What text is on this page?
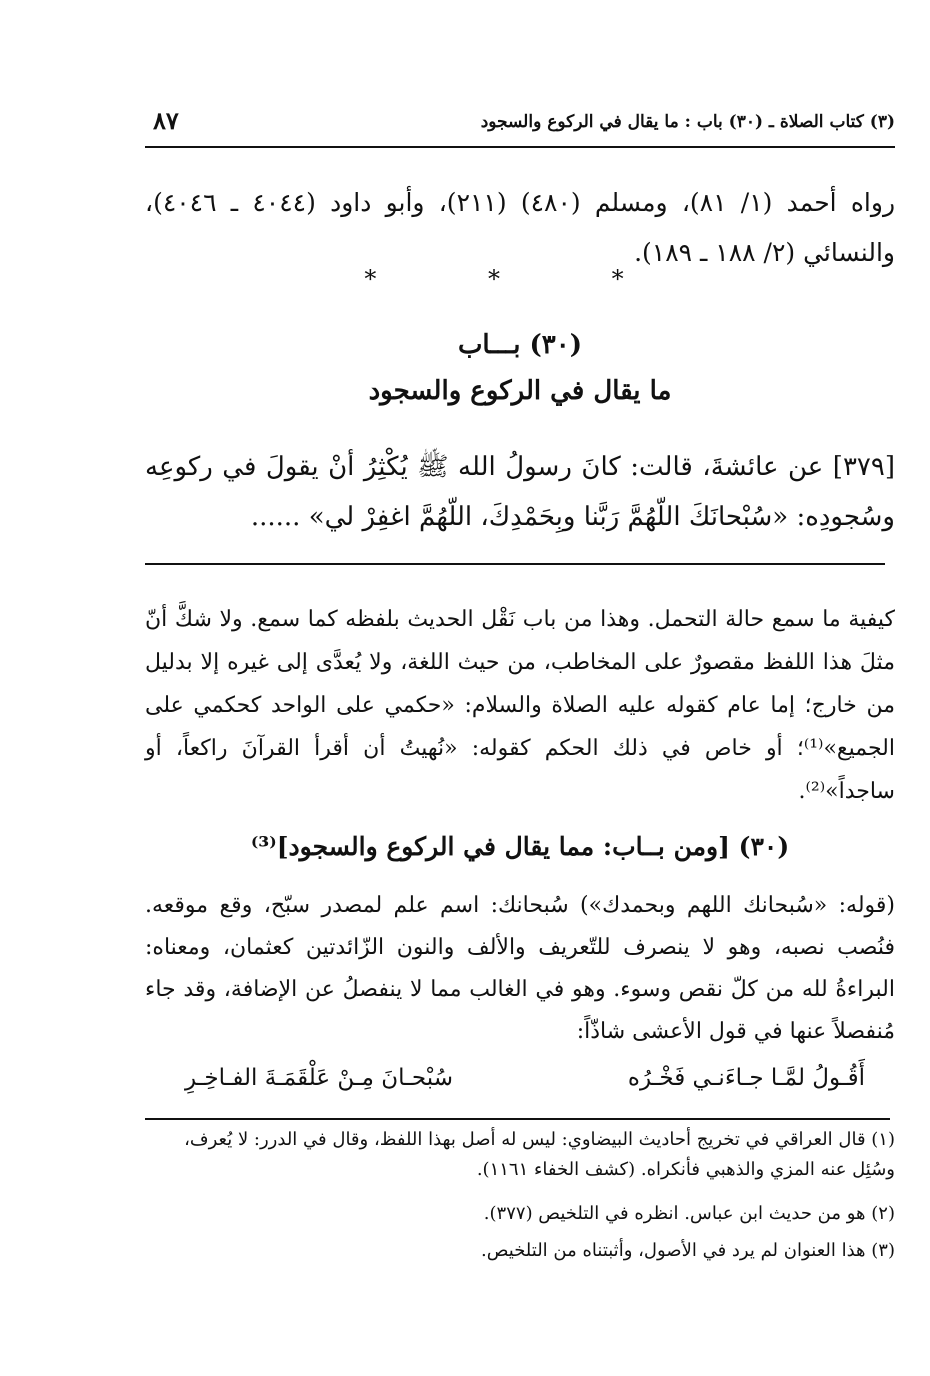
(٣) كتاب الصلاة ـ (٣٠) باب : ما يقال في الركوع والسجود
٨٧
رواه أحمد (١/ ٨١)، ومسلم (٤٨٠) (٢١١)، وأبو داود (٤٠٤٤ ـ ٤٠٤٦)، والنسائي (٢/ ١٨٨ ـ ١٨٩).
* * *
(٣٠) بـــاب
ما يقال في الركوع والسجود
[٣٧٩] عن عائشةَ، قالت: كانَ رسولُ الله ﷺ يُكْثِرُ أنْ يقولَ في ركوعِه وسُجودِه: «سُبْحانَكَ اللّهُمَّ رَبَّنا وبِحَمْدِكَ، اللّهُمَّ اغفِرْ لي» ......
كيفية ما سمع حالة التحمل. وهذا من باب نَقْل الحديث بلفظه كما سمع. ولا شكَّ أنّ مثلَ هذا اللفظ مقصورٌ على المخاطب، من حيث اللغة، ولا يُعدَّى إلى غيره إلا بدليل من خارج؛ إما عام كقوله عليه الصلاة والسلام: «حكمي على الواحد كحكمي على الجميع»⁽¹⁾؛ أو خاص في ذلك الحكم كقوله: «نُهيتُ أن أقرأ القرآنَ راكعاً، أو ساجداً»⁽²⁾.
(٣٠) [ومن بــاب: مما يقال في الركوع والسجود]⁽³⁾
(قوله: «سُبحانك اللهم وبحمدك») سُبحانك: اسم علم لمصدر سبّح، وقع موقعه. فنُصب نصبه، وهو لا ينصرف للتّعريف والألف والنون الزّائدتين كعثمان، ومعناه: البراءةُ لله من كلّ نقص وسوء. وهو في الغالب مما لا ينفصلُ عن الإضافة، وقد جاء مُنفصلاً عنها في قول الأعشى شاذّاً:
أَقُـولُ لمَّـا جـاءَنـي فَخْـرُه
سُبْحـانَ مِـنْ عَلْقَمَـةَ الفـاخِـرِ
(١) قال العراقي في تخريج أحاديث البيضاوي: ليس له أصل بهذا اللفظ، وقال في الدرر: لا يُعرف، وسُئِل عنه المزي والذهبي فأنكراه. (كشف الخفاء ١١٦١).
(٢) هو من حديث ابن عباس. انظره في التلخيص (٣٧٧).
(٣) هذا العنوان لم يرد في الأصول، وأثبتناه من التلخيص.
